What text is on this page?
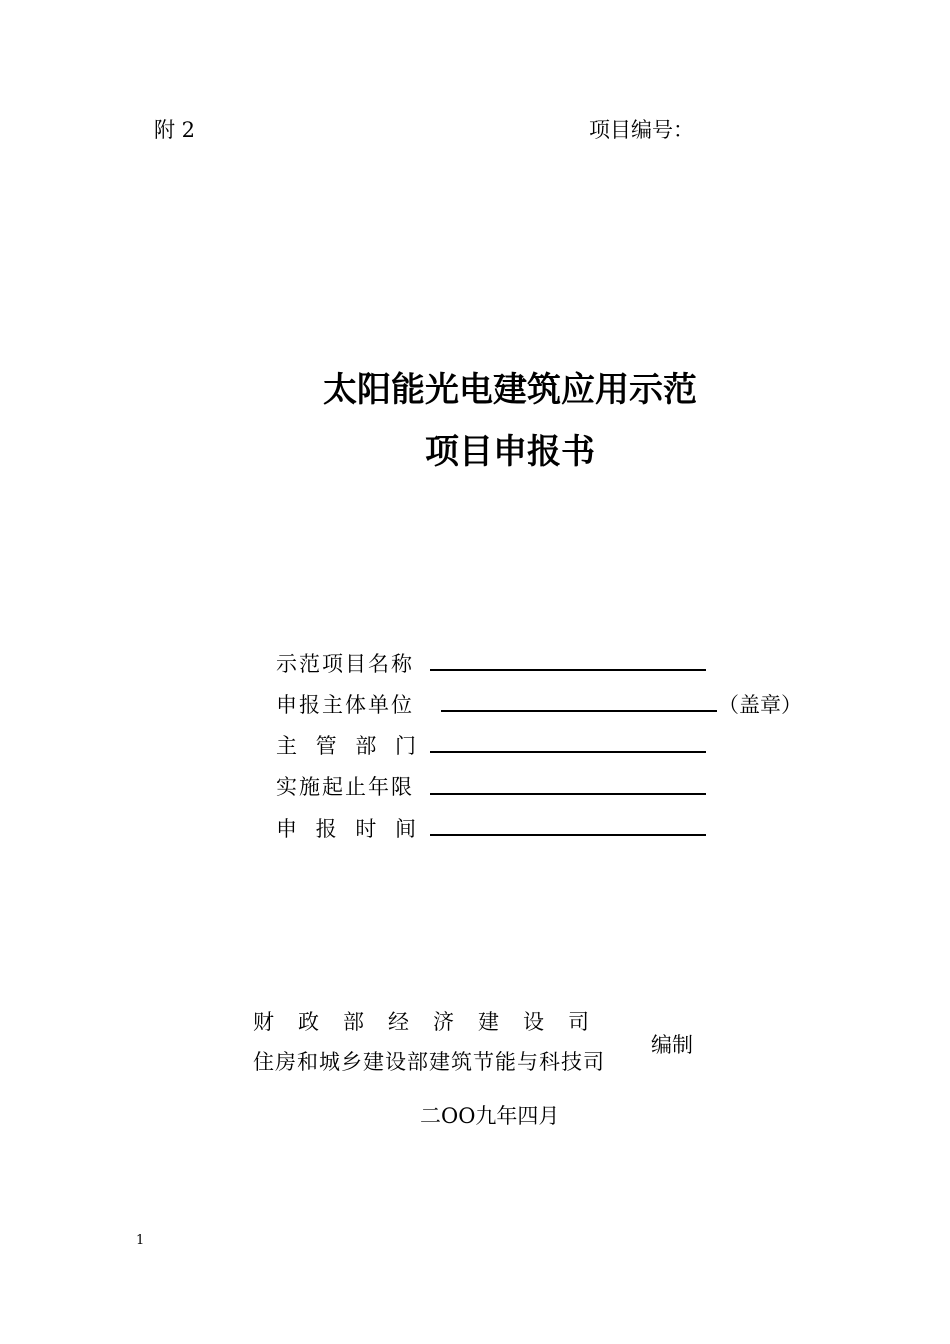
附 2	项目编号：
太阳能光电建筑应用示范
项目申报书
示范项目名称
申报主体单位	（盖章）
主 管 部 门
实施起止年限
申 报 时 间
财政部经济建设司
住房和城乡建设部建筑节能与科技司
编制
二OO九年四月
1
